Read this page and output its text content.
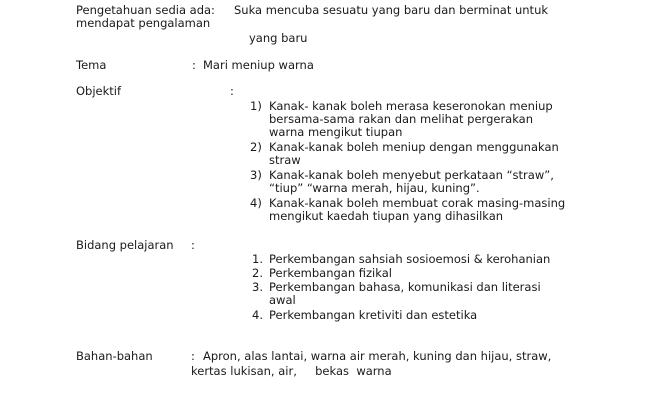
Pengetahuan sedia ada: Suka mencuba sesuatu yang baru dan berminat untuk
mendapat pengalaman
yang baru
Tema	: Mari meniup warna
Objektif	:
1) Kanak- kanak boleh merasa keseronokan meniup
bersama-sama rakan dan melihat pergerakan
warna mengikut tiupan
2) Kanak-kanak boleh meniup dengan menggunakan
straw
3) Kanak-kanak boleh menyebut perkataan “straw”,
“tiup” “warna merah, hijau, kuning”.
4) Kanak-kanak boleh membuat corak masing-masing
mengikut kaedah tiupan yang dihasilkan
Bidang pelajaran :
1. Perkembangan sahsiah sosioemosi & kerohanian
2. Perkembangan fizikal
3. Perkembangan bahasa, komunikasi dan literasi
awal
4. Perkembangan kretiviti dan estetika
Bahan-bahan	: Apron, alas lantai, warna air merah, kuning dan hijau, straw,
kertas lukisan, air,     bekas  warna
